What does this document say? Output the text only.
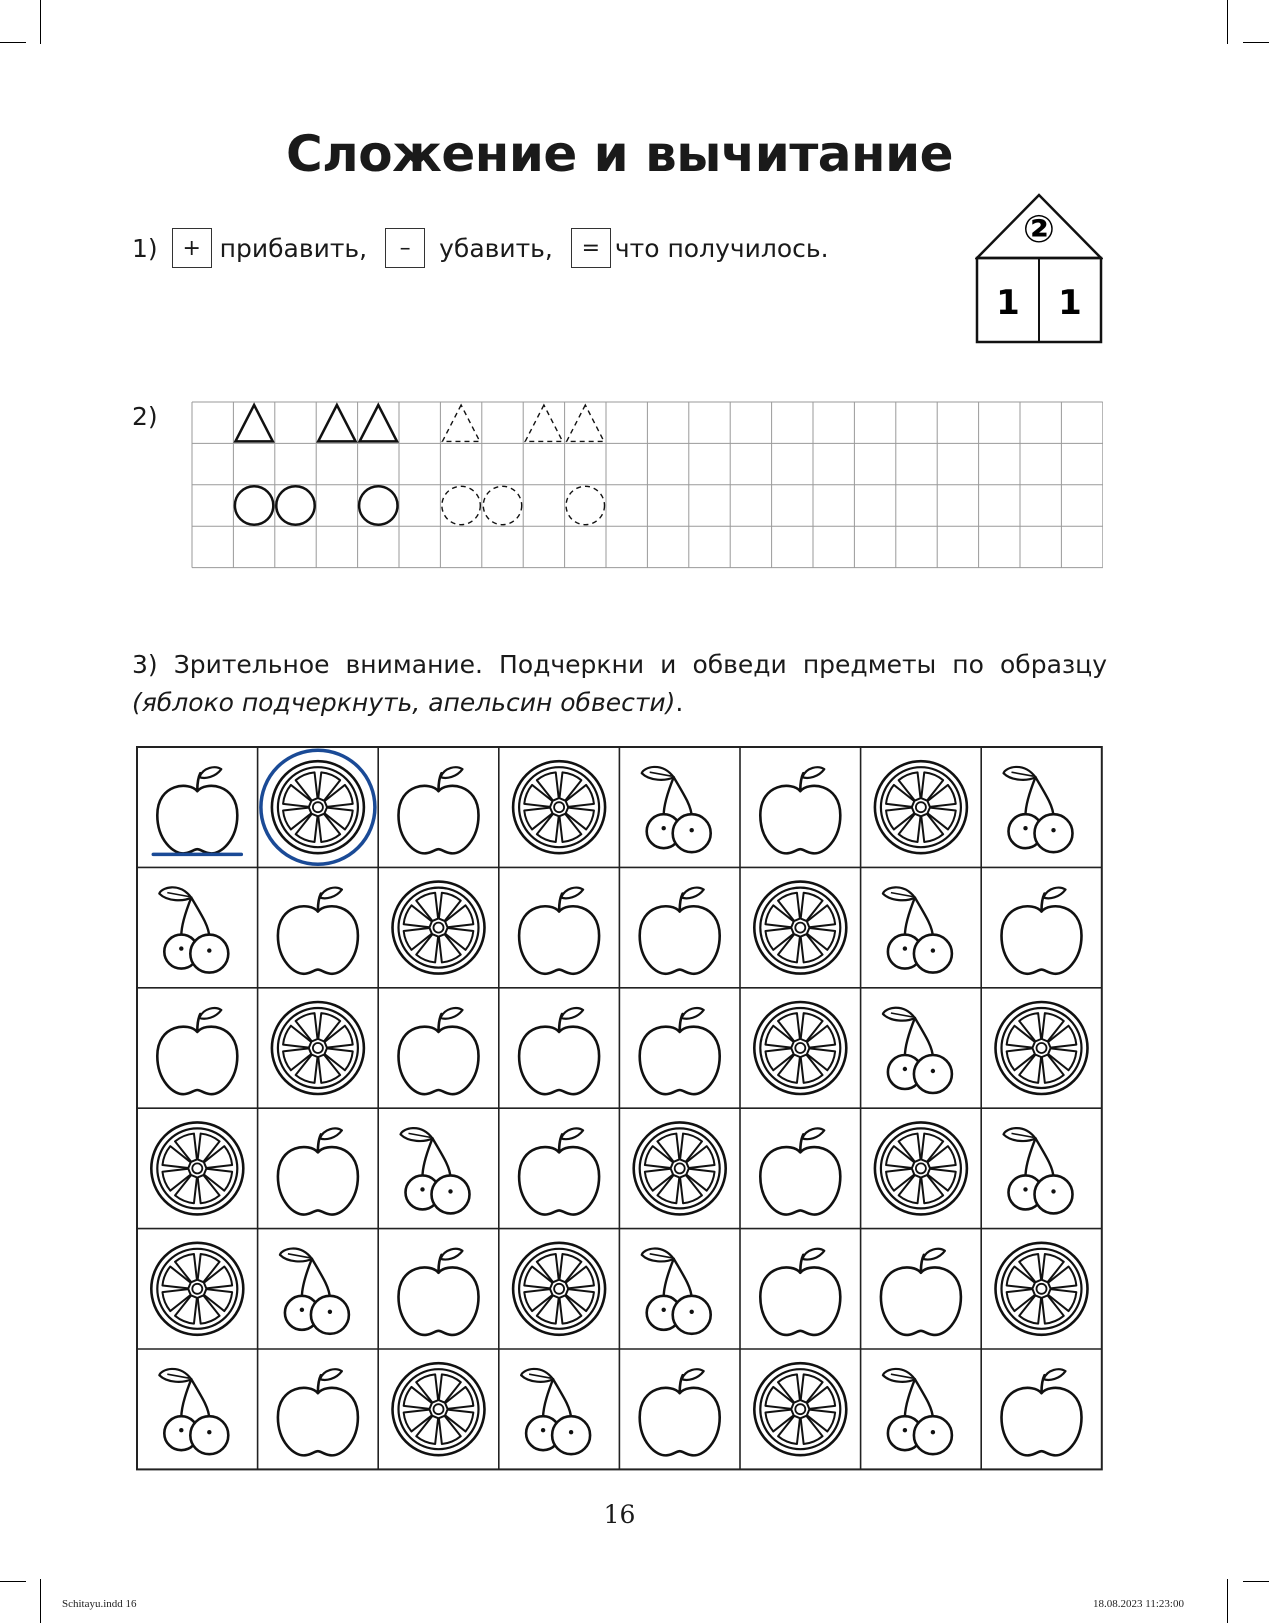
Сложение и вычитание
1)	+ прибавить,	–	убавить,	= что получилось.	②
1 1
2)
3) Зрительное внимание. Подчеркни и обведи предметы по образцу
(яблоко подчеркнуть, апельсин обвести).
16
Schitayu.indd 16	18.08.2023 11:23:00
